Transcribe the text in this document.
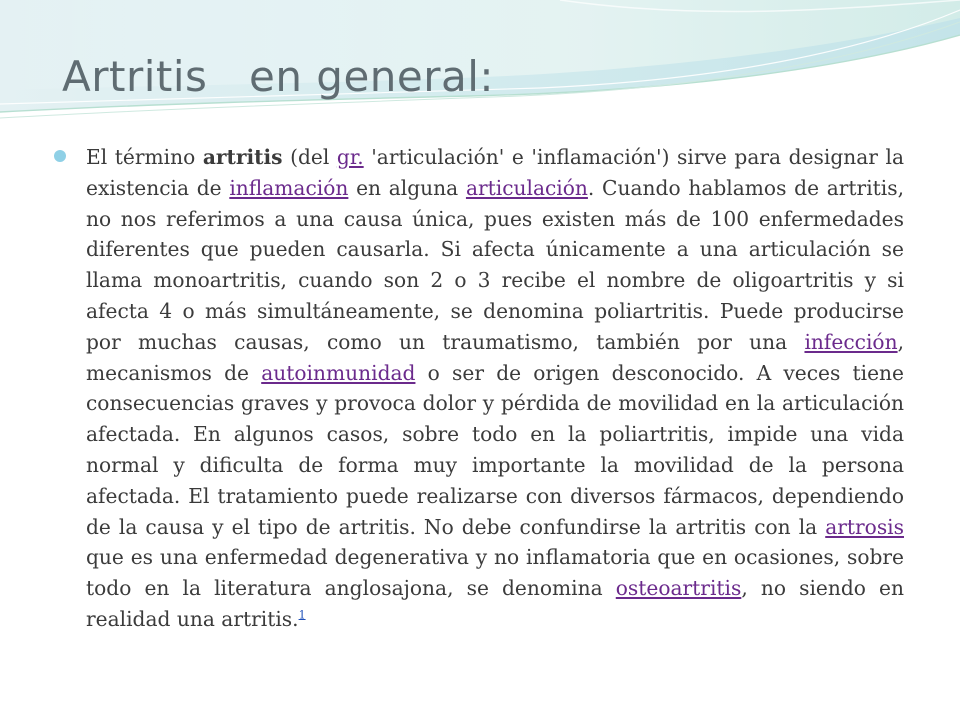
Artritis   en general:

El término artritis (del gr. 'articulación' e 'inflamación') sirve para designar la existencia de inflamación en alguna articulación. Cuando hablamos de artritis, no nos referimos a una causa única, pues existen más de 100 enfermedades diferentes que pueden causarla. Si afecta únicamente a una articulación se llama monoartritis, cuando son 2 o 3 recibe el nombre de oligoartritis y si afecta 4 o más simultáneamente, se denomina poliartritis. Puede producirse por muchas causas, como un traumatismo, también por una infección, mecanismos de autoinmunidad o ser de origen desconocido. A veces tiene consecuencias graves y provoca dolor y pérdida de movilidad en la articulación afectada. En algunos casos, sobre todo en la poliartritis, impide una vida normal y dificulta de forma muy importante la movilidad de la persona afectada. El tratamiento puede realizarse con diversos fármacos, dependiendo de la causa y el tipo de artritis. No debe confundirse la artritis con la artrosis que es una enfermedad degenerativa y no inflamatoria que en ocasiones, sobre todo en la literatura anglosajona, se denomina osteoartritis, no siendo en realidad una artritis.$^1$
